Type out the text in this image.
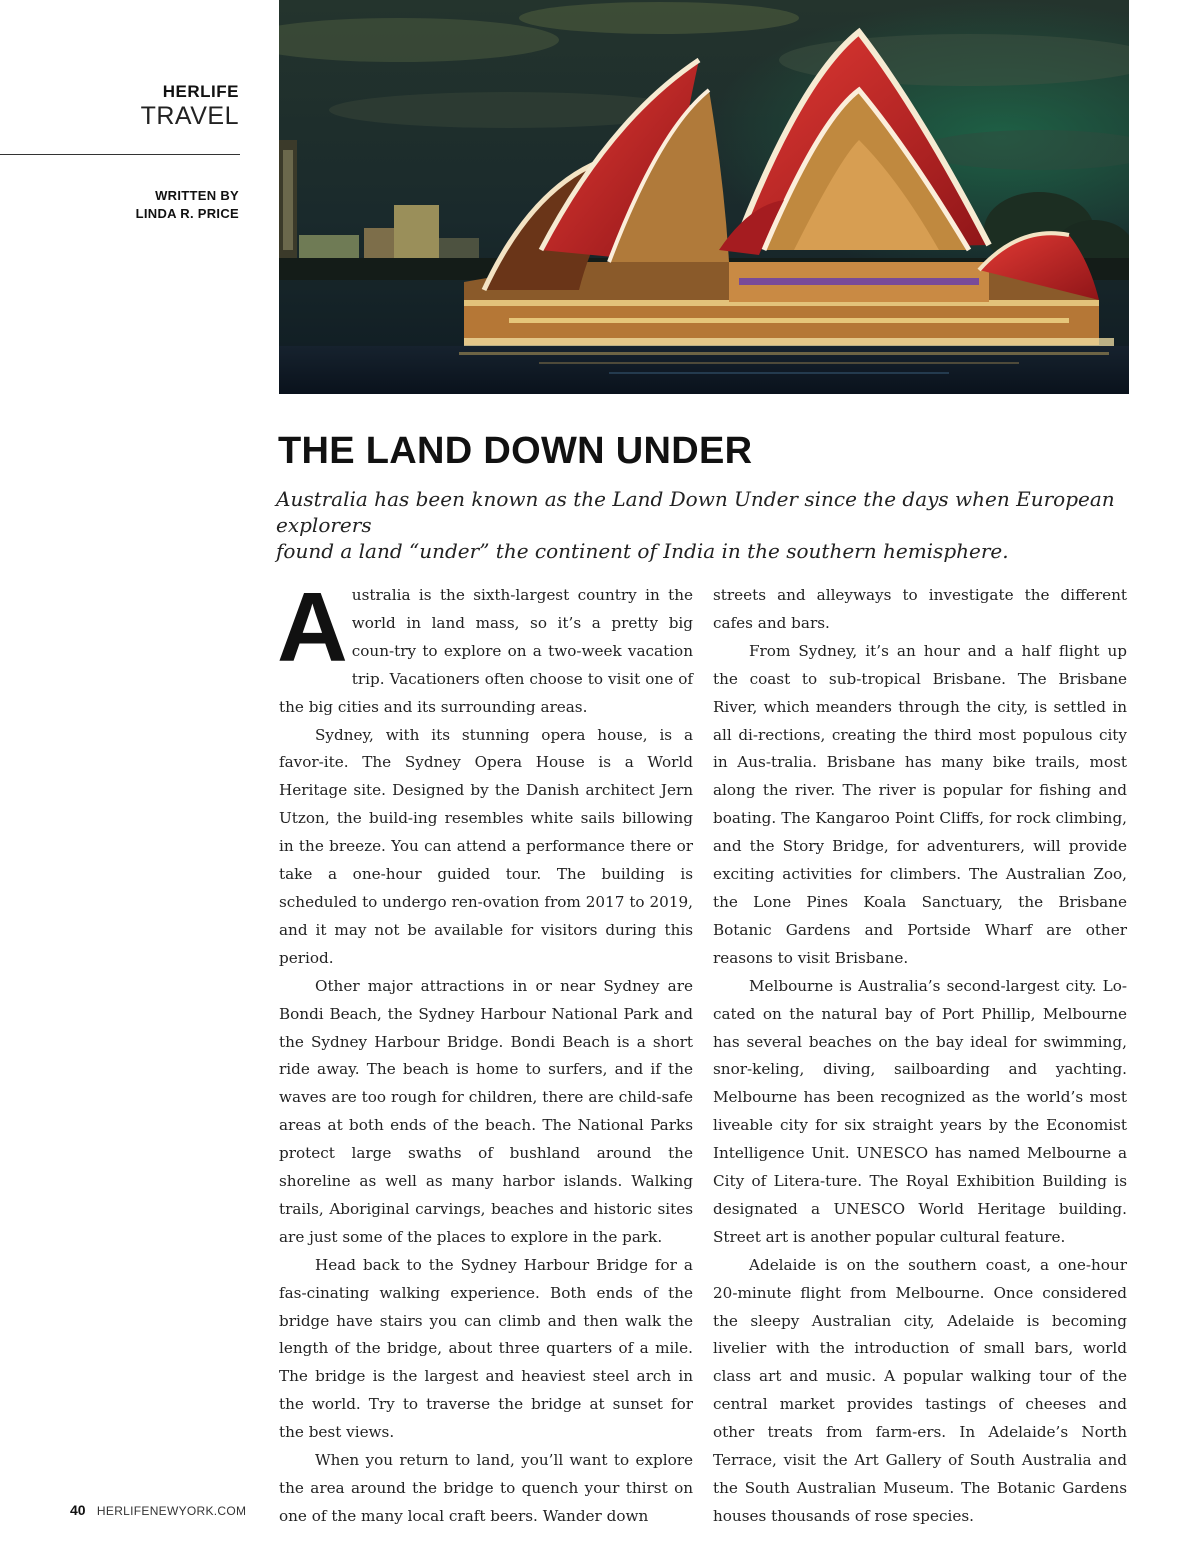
HERLIFE
TRAVEL
WRITTEN BY
LINDA R. PRICE
THE LAND DOWN UNDER
Australia has been known as the Land Down Under since the days when European explorers
found a land “under” the continent of India in the southern hemisphere.

Australia is the sixth-largest country in the world in land mass, so it’s a pretty big coun-try to explore on a two-week vacation trip. Vacationers often choose to visit one of the big cities and its surrounding areas.

Sydney, with its stunning opera house, is a favor-ite. The Sydney Opera House is a World Heritage site. Designed by the Danish architect Jern Utzon, the build-ing resembles white sails billowing in the breeze. You can attend a performance there or take a one-hour guided tour. The building is scheduled to undergo ren-ovation from 2017 to 2019, and it may not be available for visitors during this period.

Other major attractions in or near Sydney are Bondi Beach, the Sydney Harbour National Park and the Sydney Harbour Bridge. Bondi Beach is a short ride away. The beach is home to surfers, and if the waves are too rough for children, there are child-safe areas at both ends of the beach. The National Parks protect large swaths of bushland around the shoreline as well as many harbor islands. Walking trails, Aboriginal carvings, beaches and historic sites are just some of the places to explore in the park.

Head back to the Sydney Harbour Bridge for a fas-cinating walking experience. Both ends of the bridge have stairs you can climb and then walk the length of the bridge, about three quarters of a mile. The bridge is the largest and heaviest steel arch in the world. Try to traverse the bridge at sunset for the best views.

When you return to land, you’ll want to explore the area around the bridge to quench your thirst on one of the many local craft beers. Wander down

streets and alleyways to investigate the different cafes and bars.

From Sydney, it’s an hour and a half flight up the coast to sub-tropical Brisbane. The Brisbane River, which meanders through the city, is settled in all di-rections, creating the third most populous city in Aus-tralia. Brisbane has many bike trails, most along the river. The river is popular for fishing and boating. The Kangaroo Point Cliffs, for rock climbing, and the Story Bridge, for adventurers, will provide exciting activities for climbers. The Australian Zoo, the Lone Pines Koala Sanctuary, the Brisbane Botanic Gardens and Portside Wharf are other reasons to visit Brisbane.

Melbourne is Australia’s second-largest city. Lo-cated on the natural bay of Port Phillip, Melbourne has several beaches on the bay ideal for swimming, snor-keling, diving, sailboarding and yachting. Melbourne has been recognized as the world’s most liveable city for six straight years by the Economist Intelligence Unit. UNESCO has named Melbourne a City of Litera-ture. The Royal Exhibition Building is designated a UNESCO World Heritage building. Street art is another popular cultural feature.

Adelaide is on the southern coast, a one-hour 20-minute flight from Melbourne. Once considered the sleepy Australian city, Adelaide is becoming livelier with the introduction of small bars, world class art and music. A popular walking tour of the central market provides tastings of cheeses and other treats from farm-ers. In Adelaide’s North Terrace, visit the Art Gallery of South Australia and the South Australian Museum. The Botanic Gardens houses thousands of rose species.

40 HERLIFENEWYORK.COM
